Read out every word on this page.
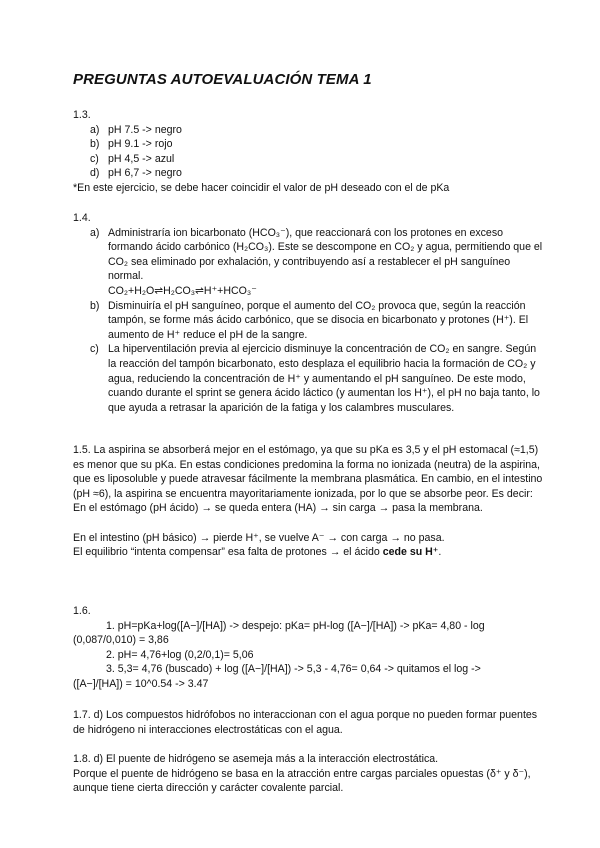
PREGUNTAS AUTOEVALUACIÓN TEMA 1

1.3.

a) pH 7.5 -> negro
b) pH 9.1 -> rojo
c) pH 4,5 -> azul
d) pH 6,7 -> negro

*En este ejercicio, se debe hacer coincidir el valor de pH deseado con el de pKa

1.4.

a) Administraría ion bicarbonato (HCO₃⁻), que reaccionará con los protones en exceso formando ácido carbónico (H₂CO₃). Este se descompone en CO₂ y agua, permitiendo que el CO₂ sea eliminado por exhalación, y contribuyendo así a restablecer el pH sanguíneo normal.
CO₂+H₂O⇌H₂CO₃⇌H⁺+HCO₃⁻
b) Disminuiría el pH sanguíneo, porque el aumento del CO₂ provoca que, según la reacción tampón, se forme más ácido carbónico, que se disocia en bicarbonato y protones (H⁺). El aumento de H⁺ reduce el pH de la sangre.
c) La hiperventilación previa al ejercicio disminuye la concentración de CO₂ en sangre. Según la reacción del tampón bicarbonato, esto desplaza el equilibrio hacia la formación de CO₂ y agua, reduciendo la concentración de H⁺ y aumentando el pH sanguíneo. De este modo, cuando durante el sprint se genera ácido láctico (y aumentan los H⁺), el pH no baja tanto, lo que ayuda a retrasar la aparición de la fatiga y los calambres musculares.

1.5. La aspirina se absorberá mejor en el estómago, ya que su pKa es 3,5 y el pH estomacal (≈1,5) es menor que su pKa. En estas condiciones predomina la forma no ionizada (neutra) de la aspirina, que es liposoluble y puede atravesar fácilmente la membrana plasmática. En cambio, en el intestino (pH ≈6), la aspirina se encuentra mayoritariamente ionizada, por lo que se absorbe peor. Es decir:

En el estómago (pH ácido) → se queda entera (HA) → sin carga → pasa la membrana.

En el intestino (pH básico) → pierde H⁺, se vuelve A⁻ → con carga → no pasa.

El equilibrio “intenta compensar” esa falta de protones → el ácido cede su H⁺.

1.6.

1. pH=pKa+log([A−]/[HA]) -> despejo: pKa= pH-log ([A−]/[HA]) -> pKa= 4,80 - log

(0,087/0,010) = 3,86

2. pH= 4,76+log (0,2/0,1)= 5,06

3. 5,3= 4,76 (buscado) + log ([A−]/[HA]) -> 5,3 - 4,76= 0,64 -> quitamos el log ->

([A−]/[HA]) = 10^0.54 -> 3.47

1.7. d) Los compuestos hidrófobos no interaccionan con el agua porque no pueden formar puentes de hidrógeno ni interacciones electrostáticas con el agua.

1.8. d) El puente de hidrógeno se asemeja más a la interacción electrostática.

Porque el puente de hidrógeno se basa en la atracción entre cargas parciales opuestas (δ⁺ y δ⁻), aunque tiene cierta dirección y carácter covalente parcial.
